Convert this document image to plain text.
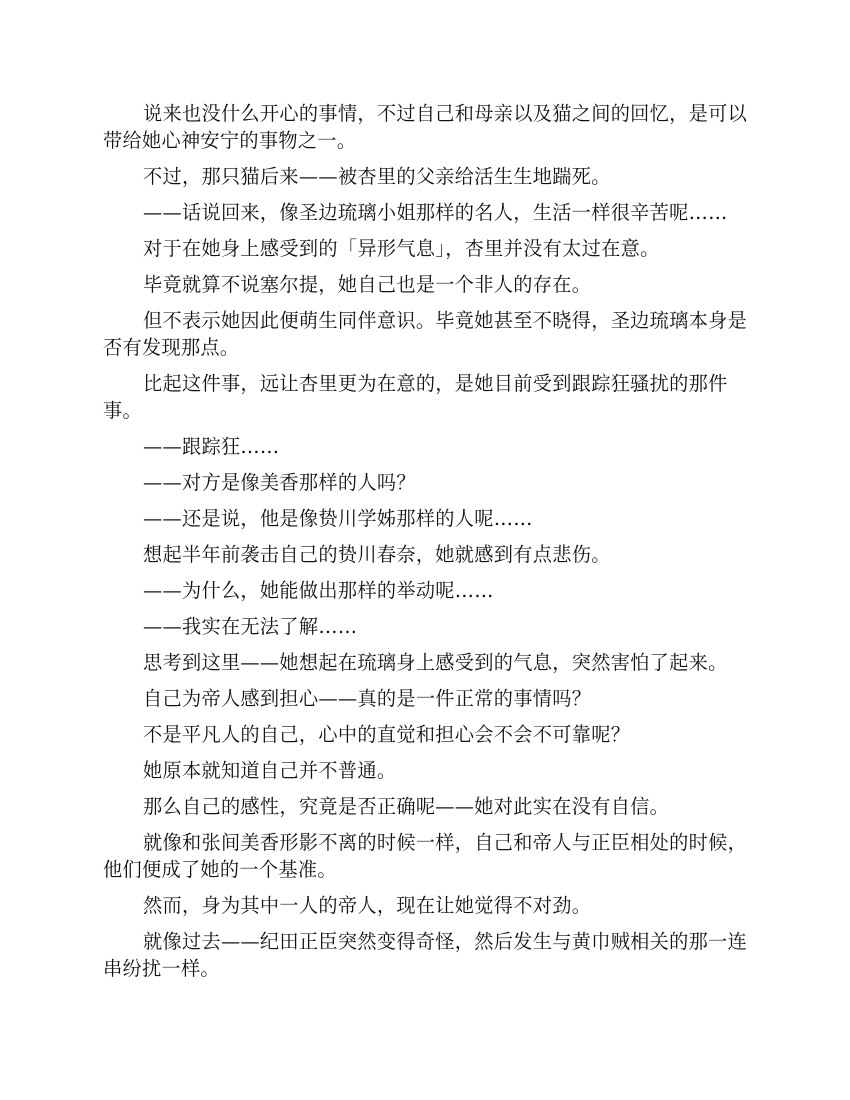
说来也没什么开心的事情，不过自己和母亲以及猫之间的回忆，是可以带给她心神安宁的事物之一。

不过，那只猫后来——被杏里的父亲给活生生地踹死。

——话说回来，像圣边琉璃小姐那样的名人，生活一样很辛苦呢……

对于在她身上感受到的「异形气息」，杏里并没有太过在意。

毕竟就算不说塞尔提，她自己也是一个非人的存在。

但不表示她因此便萌生同伴意识。毕竟她甚至不晓得，圣边琉璃本身是否有发现那点。

比起这件事，远让杏里更为在意的，是她目前受到跟踪狂骚扰的那件事。

——跟踪狂……

——对方是像美香那样的人吗？

——还是说，他是像贽川学姊那样的人呢……

想起半年前袭击自己的贽川春奈，她就感到有点悲伤。

——为什么，她能做出那样的举动呢……

——我实在无法了解……

思考到这里——她想起在琉璃身上感受到的气息，突然害怕了起来。

自己为帝人感到担心——真的是一件正常的事情吗？

不是平凡人的自己，心中的直觉和担心会不会不可靠呢？

她原本就知道自己并不普通。

那么自己的感性，究竟是否正确呢——她对此实在没有自信。

就像和张间美香形影不离的时候一样，自己和帝人与正臣相处的时候，他们便成了她的一个基准。

然而，身为其中一人的帝人，现在让她觉得不对劲。

就像过去——纪田正臣突然变得奇怪，然后发生与黄巾贼相关的那一连串纷扰一样。
